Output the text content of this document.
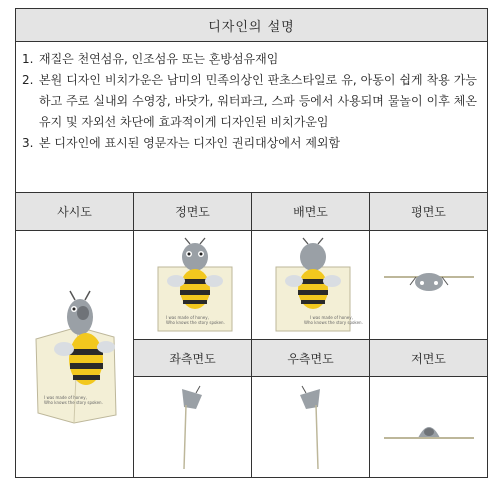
디자인의 설명
1. 재질은 천연섬유, 인조섬유 또는 혼방섬유재임
2. 본원 디자인 비치가운은 남미의 민족의상인 판초스타일로 유, 아동이 쉽게 착용 가능하고 주로 실내외 수영장, 바닷가, 워터파크, 스파 등에서 사용되며 물놀이 이후 체온유지 및 자외선 차단에 효과적이게 디자인된 비치가운임
3. 본 디자인에 표시된 영문자는 디자인 권리대상에서 제외함
사시도	정면도	배면도	평면도
좌측면도	우측면도	저면도
I was made of honey,
Who knows the story spoken.
I was made of honey,
Who knows the story spoken.
I was made of honey,
Who knows the story spoken.
